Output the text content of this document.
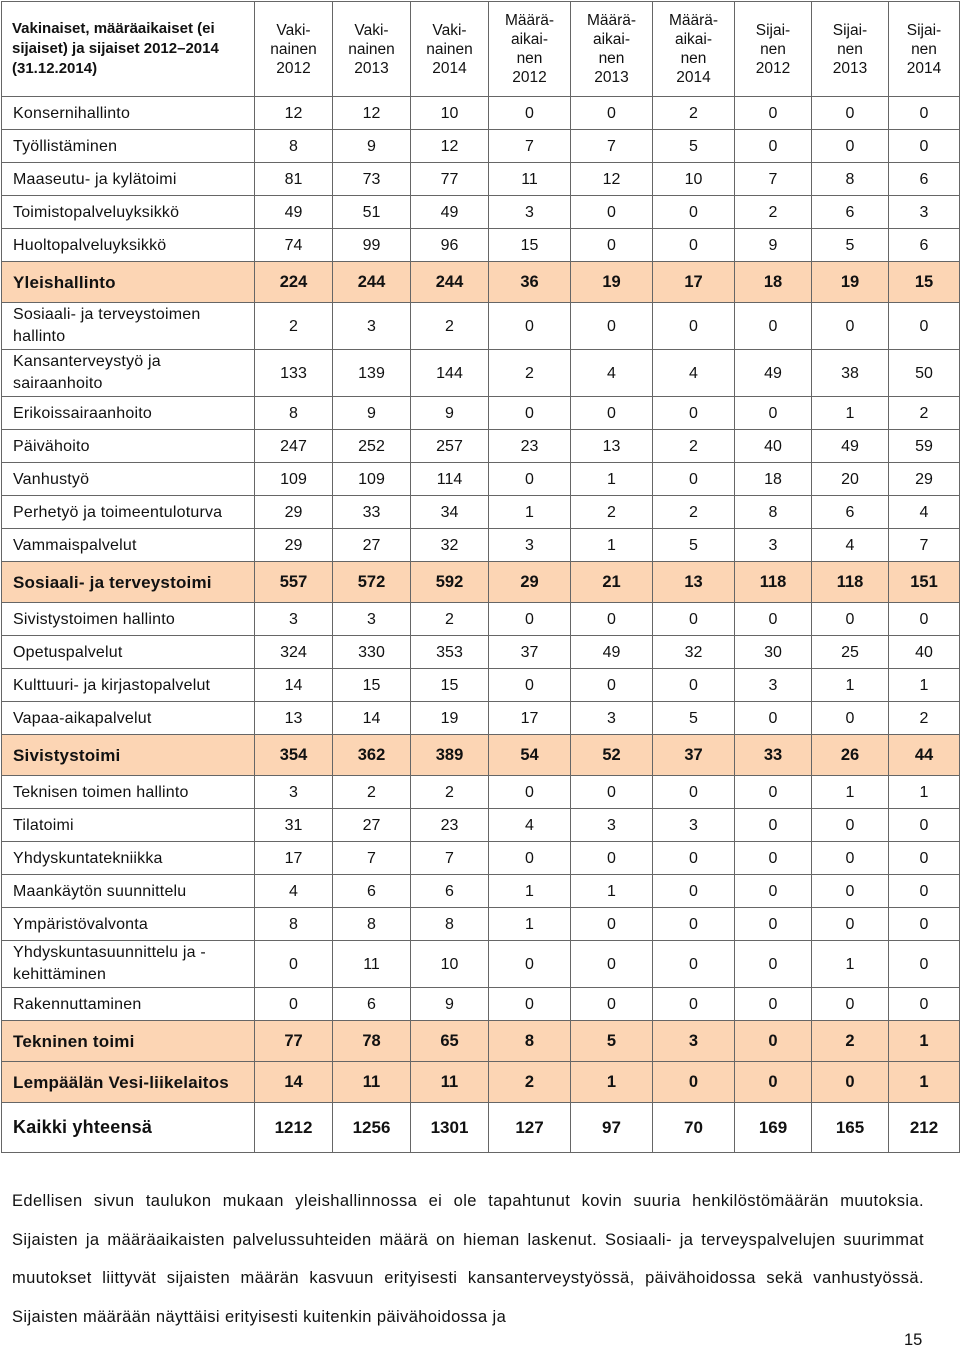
Vakinaiset, määräaikaiset (ei sijaiset) ja sijaiset 2012–2014 (31.12.2014)	Vaki-
nainen
2012	Vaki-
nainen
2013	Vaki-
nainen
2014	Määrä-
aikai-
nen
2012	Määrä-
aikai-
nen
2013	Määrä-
aikai-
nen
2014	Sijai-
nen
2012	Sijai-
nen
2013	Sijai-
nen
2014
Konsernihallinto	12	12	10	0	0	2	0	0	0
Työllistäminen	8	9	12	7	7	5	0	0	0
Maaseutu- ja kylätoimi	81	73	77	11	12	10	7	8	6
Toimistopalveluyksikkö	49	51	49	3	0	0	2	6	3
Huoltopalveluyksikkö	74	99	96	15	0	0	9	5	6
Yleishallinto	224	244	244	36	19	17	18	19	15
Sosiaali- ja terveystoimen hallinto	2	3	2	0	0	0	0	0	0
Kansanterveystyö ja sairaanhoito	133	139	144	2	4	4	49	38	50
Erikoissairaanhoito	8	9	9	0	0	0	0	1	2
Päivähoito	247	252	257	23	13	2	40	49	59
Vanhustyö	109	109	114	0	1	0	18	20	29
Perhetyö ja toimeentuloturva	29	33	34	1	2	2	8	6	4
Vammaispalvelut	29	27	32	3	1	5	3	4	7
Sosiaali- ja terveystoimi	557	572	592	29	21	13	118	118	151
Sivistystoimen hallinto	3	3	2	0	0	0	0	0	0
Opetuspalvelut	324	330	353	37	49	32	30	25	40
Kulttuuri- ja kirjastopalvelut	14	15	15	0	0	0	3	1	1
Vapaa-aikapalvelut	13	14	19	17	3	5	0	0	2
Sivistystoimi	354	362	389	54	52	37	33	26	44
Teknisen toimen hallinto	3	2	2	0	0	0	0	1	1
Tilatoimi	31	27	23	4	3	3	0	0	0
Yhdyskuntatekniikka	17	7	7	0	0	0	0	0	0
Maankäytön suunnittelu	4	6	6	1	1	0	0	0	0
Ympäristövalvonta	8	8	8	1	0	0	0	0	0
Yhdyskuntasuunnittelu ja -kehittäminen	0	11	10	0	0	0	0	1	0
Rakennuttaminen	0	6	9	0	0	0	0	0	0
Tekninen toimi	77	78	65	8	5	3	0	2	1
Lempäälän Vesi-liikelaitos	14	11	11	2	1	0	0	0	1
Kaikki yhteensä	1212	1256	1301	127	97	70	169	165	212
Edellisen sivun taulukon mukaan yleishallinnossa ei ole tapahtunut kovin suuria henkilöstömäärän muutoksia. Sijaisten ja määräaikaisten palvelussuhteiden määrä on hieman laskenut. Sosiaali- ja terveyspalvelujen suurimmat muutokset liittyvät sijaisten määrän kasvuun erityisesti kansanterveystyössä, päivähoidossa sekä vanhustyössä. Sijaisten määrään näyttäisi erityisesti kuitenkin päivähoidossa ja
15
